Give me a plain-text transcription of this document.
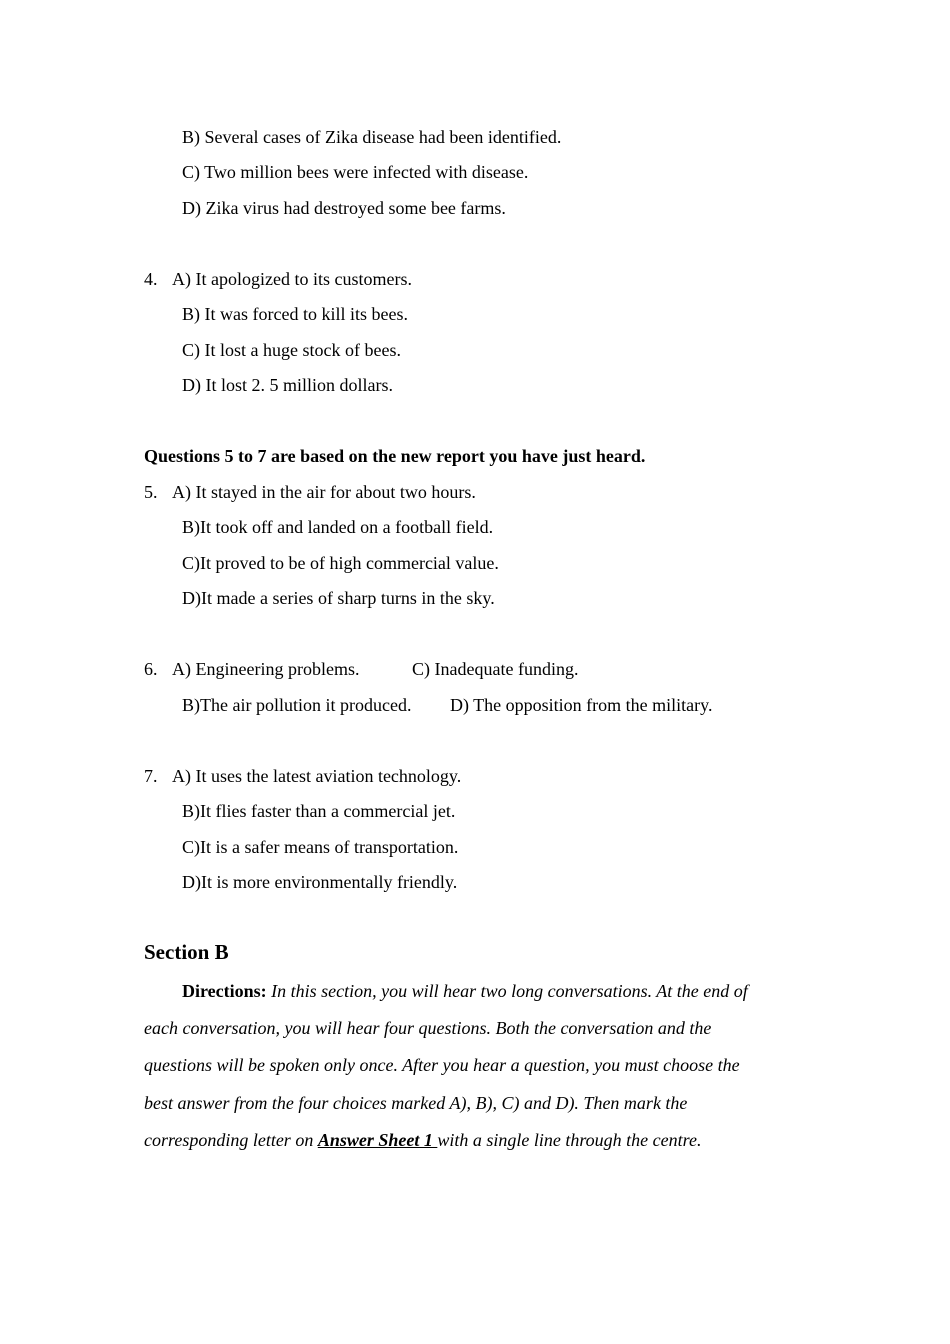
B) Several cases of Zika disease had been identified.
C) Two million bees were infected with disease.
D) Zika virus had destroyed some bee farms.
4. A) It apologized to its customers.
B) It was forced to kill its bees.
C) It lost a huge stock of bees.
D) It lost 2. 5 million dollars.
Questions 5 to 7 are based on the new report you have just heard.
5. A) It stayed in the air for about two hours.
B)It took off and landed on a football field.
C)It proved to be of high commercial value.
D)It made a series of sharp turns in the sky.
6. A) Engineering problems.	C) Inadequate funding.
B)The air pollution it produced. D) The opposition from the military.
7. A) It uses the latest aviation technology.
B)It flies faster than a commercial jet.
C)It is a safer means of transportation.
D)It is more environmentally friendly.
Section B
Directions: In this section, you will hear two long conversations. At the end of
each conversation, you will hear four questions. Both the conversation and the
questions will be spoken only once. After you hear a question, you must choose the
best answer from the four choices marked A), B), C) and D). Then mark the
corresponding letter on Answer Sheet 1 with a single line through the centre.
